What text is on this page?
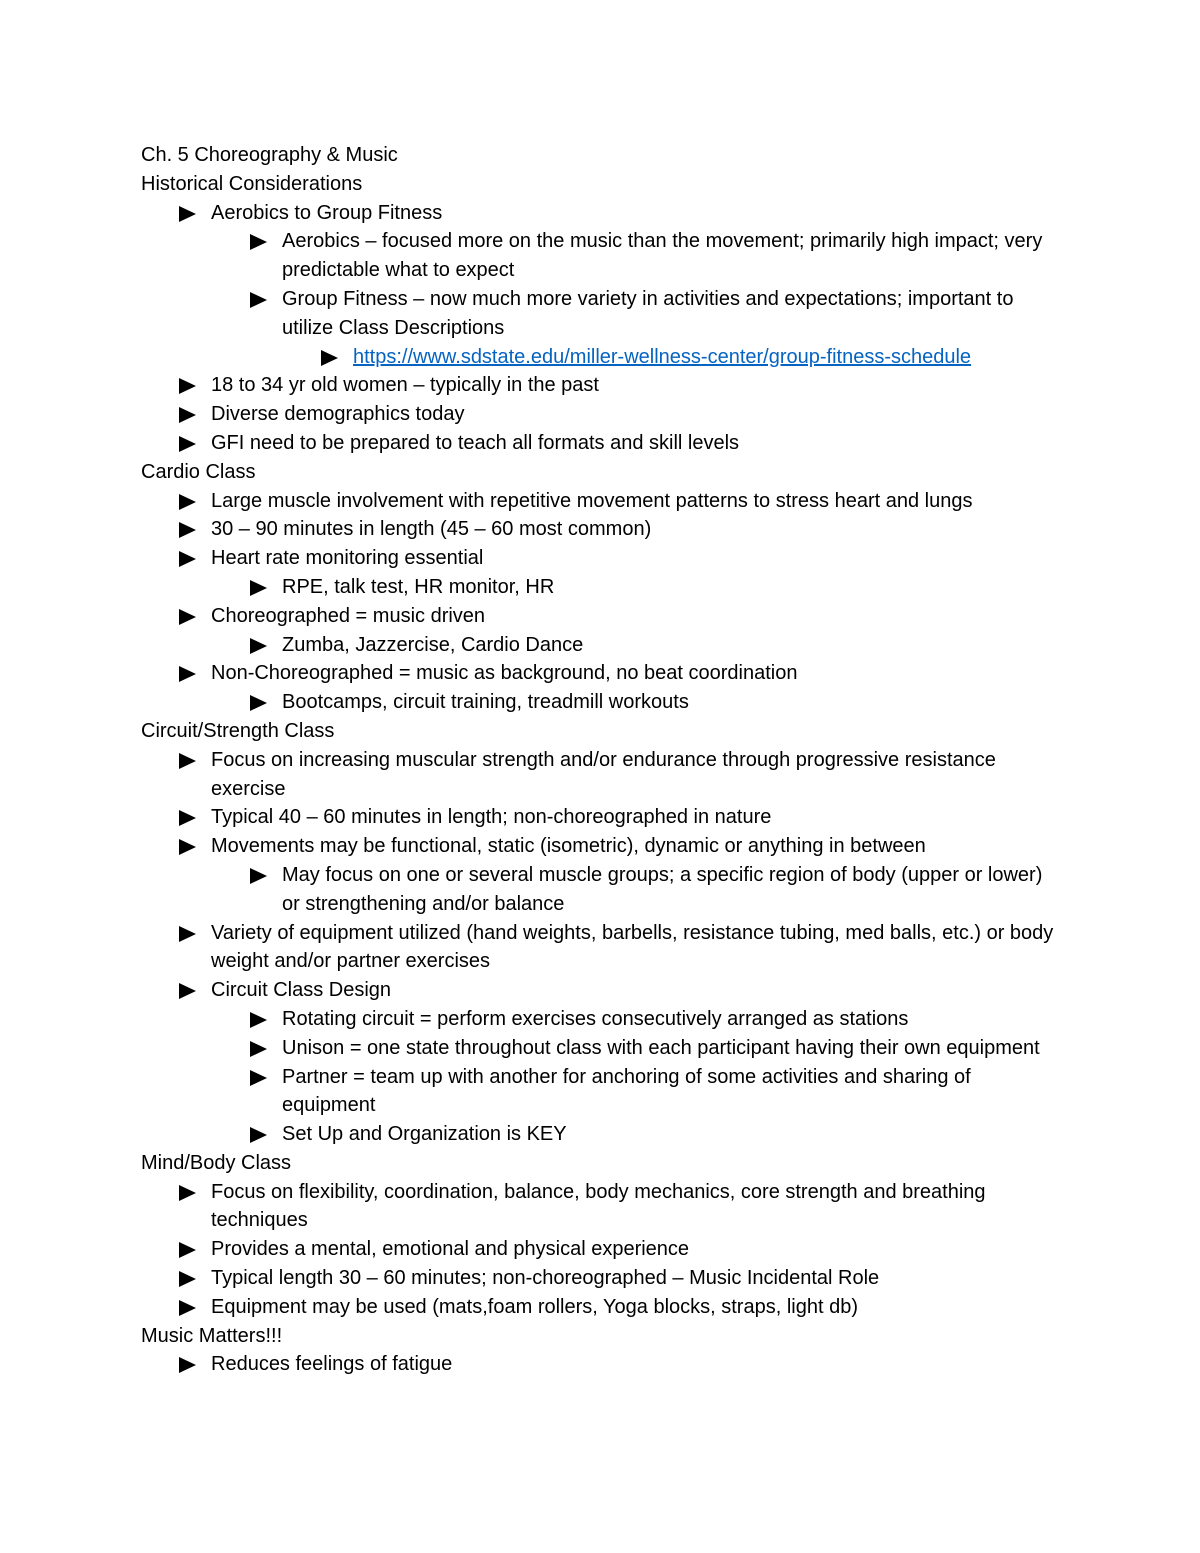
Ch. 5 Choreography & Music
Historical Considerations
Aerobics to Group Fitness
Aerobics – focused more on the music than the movement; primarily high impact; very predictable what to expect
Group Fitness – now much more variety in activities and expectations; important to utilize Class Descriptions
https://www.sdstate.edu/miller-wellness-center/group-fitness-schedule
18 to 34 yr old women – typically in the past
Diverse demographics today
GFI need to be prepared to teach all formats and skill levels
Cardio Class
Large muscle involvement with repetitive movement patterns to stress heart and lungs
30 – 90 minutes in length (45 – 60 most common)
Heart rate monitoring essential
RPE, talk test, HR monitor, HR
Choreographed = music driven
Zumba, Jazzercise, Cardio Dance
Non-Choreographed = music as background, no beat coordination
Bootcamps, circuit training, treadmill workouts
Circuit/Strength Class
Focus on increasing muscular strength and/or endurance through progressive resistance exercise
Typical 40 – 60 minutes in length; non-choreographed in nature
Movements may be functional, static (isometric), dynamic or anything in between
May focus on one or several muscle groups; a specific region of body (upper or lower) or strengthening and/or balance
Variety of equipment utilized (hand weights, barbells, resistance tubing, med balls, etc.) or body weight and/or partner exercises
Circuit Class Design
Rotating circuit = perform exercises consecutively arranged as stations
Unison = one state throughout class with each participant having their own equipment
Partner = team up with another for anchoring of some activities and sharing of equipment
Set Up and Organization is KEY
Mind/Body Class
Focus on flexibility, coordination, balance, body mechanics, core strength and breathing techniques
Provides a mental, emotional and physical experience
Typical length 30 – 60 minutes; non-choreographed – Music Incidental Role
Equipment may be used (mats,foam rollers, Yoga blocks, straps, light db)
Music Matters!!!
Reduces feelings of fatigue
